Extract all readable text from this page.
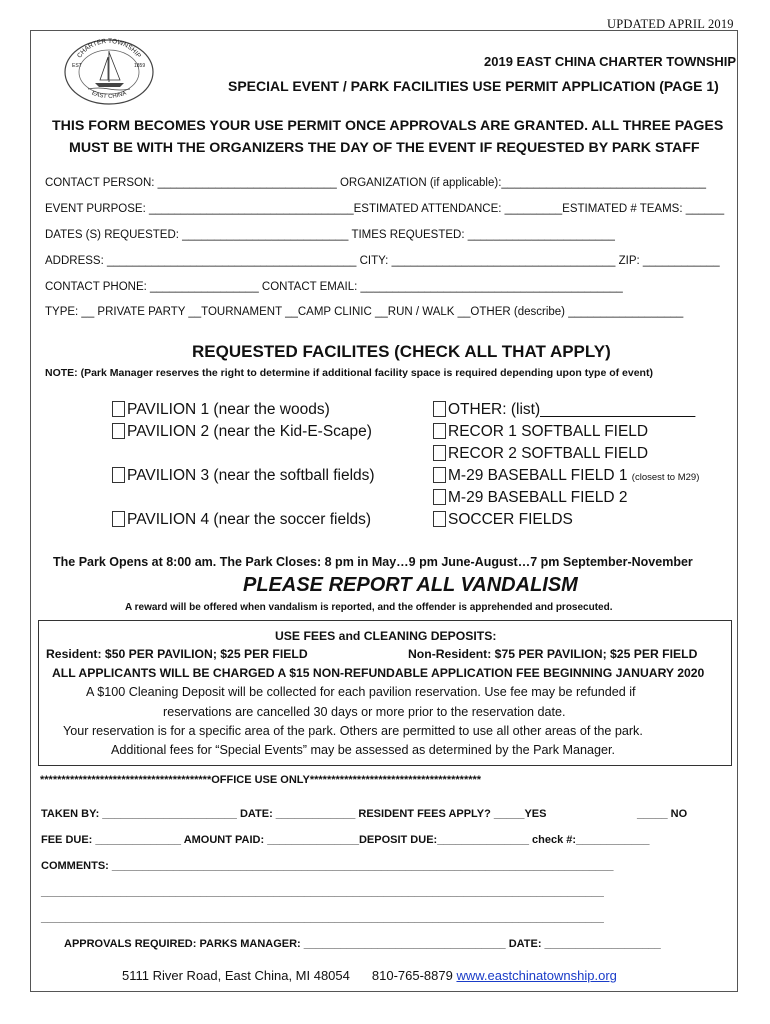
UPDATED APRIL 2019
CHARTER TOWNSHIP
EAST CHINA
EST	1859	2019 EAST CHINA CHARTER TOWNSHIP
SPECIAL EVENT / PARK FACILITIES USE PERMIT APPLICATION (PAGE 1)
THIS FORM BECOMES YOUR USE PERMIT ONCE APPROVALS ARE GRANTED. ALL THREE PAGES
MUST BE WITH THE ORGANIZERS THE DAY OF THE EVENT IF REQUESTED BY PARK STAFF
CONTACT PERSON: ____________________________ ORGANIZATION (if applicable):________________________________
EVENT PURPOSE: ________________________________ESTIMATED ATTENDANCE: _________ESTIMATED # TEAMS: ______
DATES (S) REQUESTED: __________________________ TIMES REQUESTED: _______________________
ADDRESS: _______________________________________ CITY: ___________________________________ ZIP: ____________
CONTACT PHONE: _________________ CONTACT EMAIL: _________________________________________
TYPE: __ PRIVATE PARTY __TOURNAMENT __CAMP CLINIC __RUN / WALK __OTHER (describe) __________________
REQUESTED FACILITES (CHECK ALL THAT APPLY)
NOTE: (Park Manager reserves the right to determine if additional facility space is required depending upon type of event)
PAVILION 1 (near the woods)
PAVILION 2 (near the Kid-E-Scape)
PAVILION 3 (near the softball fields)
PAVILION 4 (near the soccer fields)
OTHER: (list)__________________
RECOR 1 SOFTBALL FIELD
RECOR 2 SOFTBALL FIELD
M-29 BASEBALL FIELD 1 (closest to M29)
M-29 BASEBALL FIELD 2
SOCCER FIELDS
The Park Opens at 8:00 am. The Park Closes: 8 pm in May…9 pm June-August…7 pm September-November
PLEASE REPORT ALL VANDALISM
A reward will be offered when vandalism is reported, and the offender is apprehended and prosecuted.
USE FEES and CLEANING DEPOSITS:
Resident: $50 PER PAVILION; $25 PER FIELD	Non-Resident: $75 PER PAVILION; $25 PER FIELD
ALL APPLICANTS WILL BE CHARGED A $15 NON-REFUNDABLE APPLICATION FEE BEGINNING JANUARY 2020
A $100 Cleaning Deposit will be collected for each pavilion reservation. Use fee may be refunded if
reservations are cancelled 30 days or more prior to the reservation date.
Your reservation is for a specific area of the park. Others are permitted to use all other areas of the park.
Additional fees for “Special Events” may be assessed as determined by the Park Manager.
****************************************OFFICE USE ONLY****************************************
TAKEN BY: ______________________ DATE: _____________ RESIDENT FEES APPLY? _____YES	_____ NO
FEE DUE: ______________ AMOUNT PAID: _______________DEPOSIT DUE:_______________ check #:____________
COMMENTS: __________________________________________________________________________________
____________________________________________________________________________________________
____________________________________________________________________________________________
APPROVALS REQUIRED: PARKS MANAGER: _________________________________ DATE: ___________________
5111 River Road, East China, MI 48054 810-765-8879 www.eastchinatownship.org
